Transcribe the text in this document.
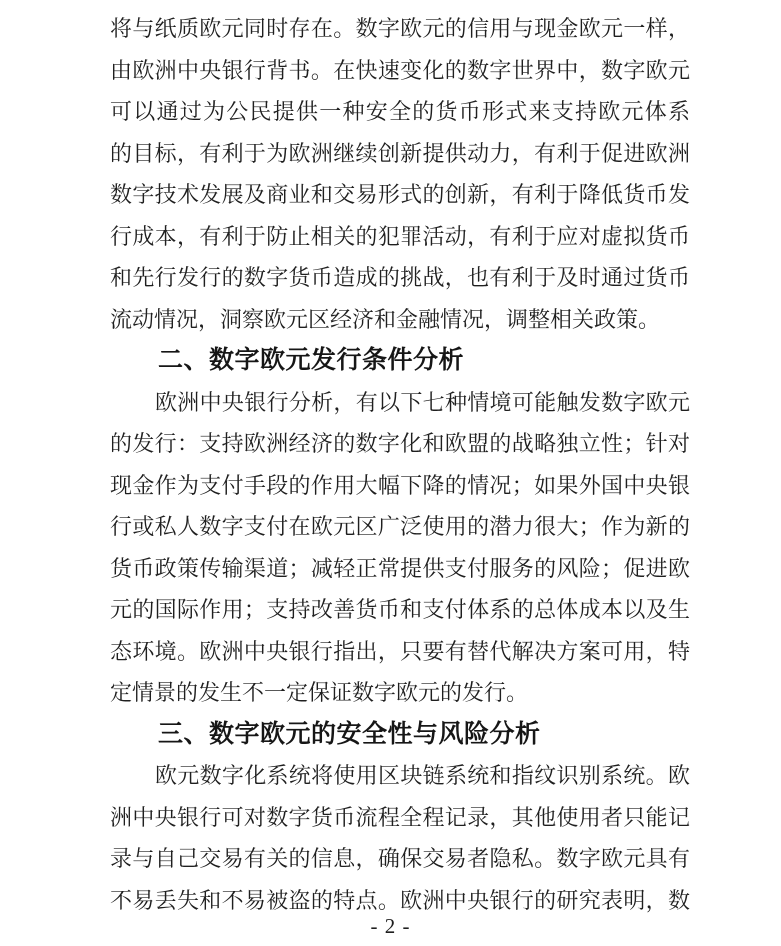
将与纸质欧元同时存在。数字欧元的信用与现金欧元一样，
由欧洲中央银行背书。在快速变化的数字世界中，数字欧元
可以通过为公民提供一种安全的货币形式来支持欧元体系
的目标，有利于为欧洲继续创新提供动力，有利于促进欧洲
数字技术发展及商业和交易形式的创新，有利于降低货币发
行成本，有利于防止相关的犯罪活动，有利于应对虚拟货币
和先行发行的数字货币造成的挑战，也有利于及时通过货币
流动情况，洞察欧元区经济和金融情况，调整相关政策。
二、数字欧元发行条件分析
欧洲中央银行分析，有以下七种情境可能触发数字欧元
的发行：支持欧洲经济的数字化和欧盟的战略独立性；针对
现金作为支付手段的作用大幅下降的情况；如果外国中央银
行或私人数字支付在欧元区广泛使用的潜力很大；作为新的
货币政策传输渠道；减轻正常提供支付服务的风险；促进欧
元的国际作用；支持改善货币和支付体系的总体成本以及生
态环境。欧洲中央银行指出，只要有替代解决方案可用，特
定情景的发生不一定保证数字欧元的发行。
三、数字欧元的安全性与风险分析
欧元数字化系统将使用区块链系统和指纹识别系统。欧
洲中央银行可对数字货币流程全程记录，其他使用者只能记
录与自己交易有关的信息，确保交易者隐私。数字欧元具有
不易丢失和不易被盗的特点。欧洲中央银行的研究表明，数
- 2 -
